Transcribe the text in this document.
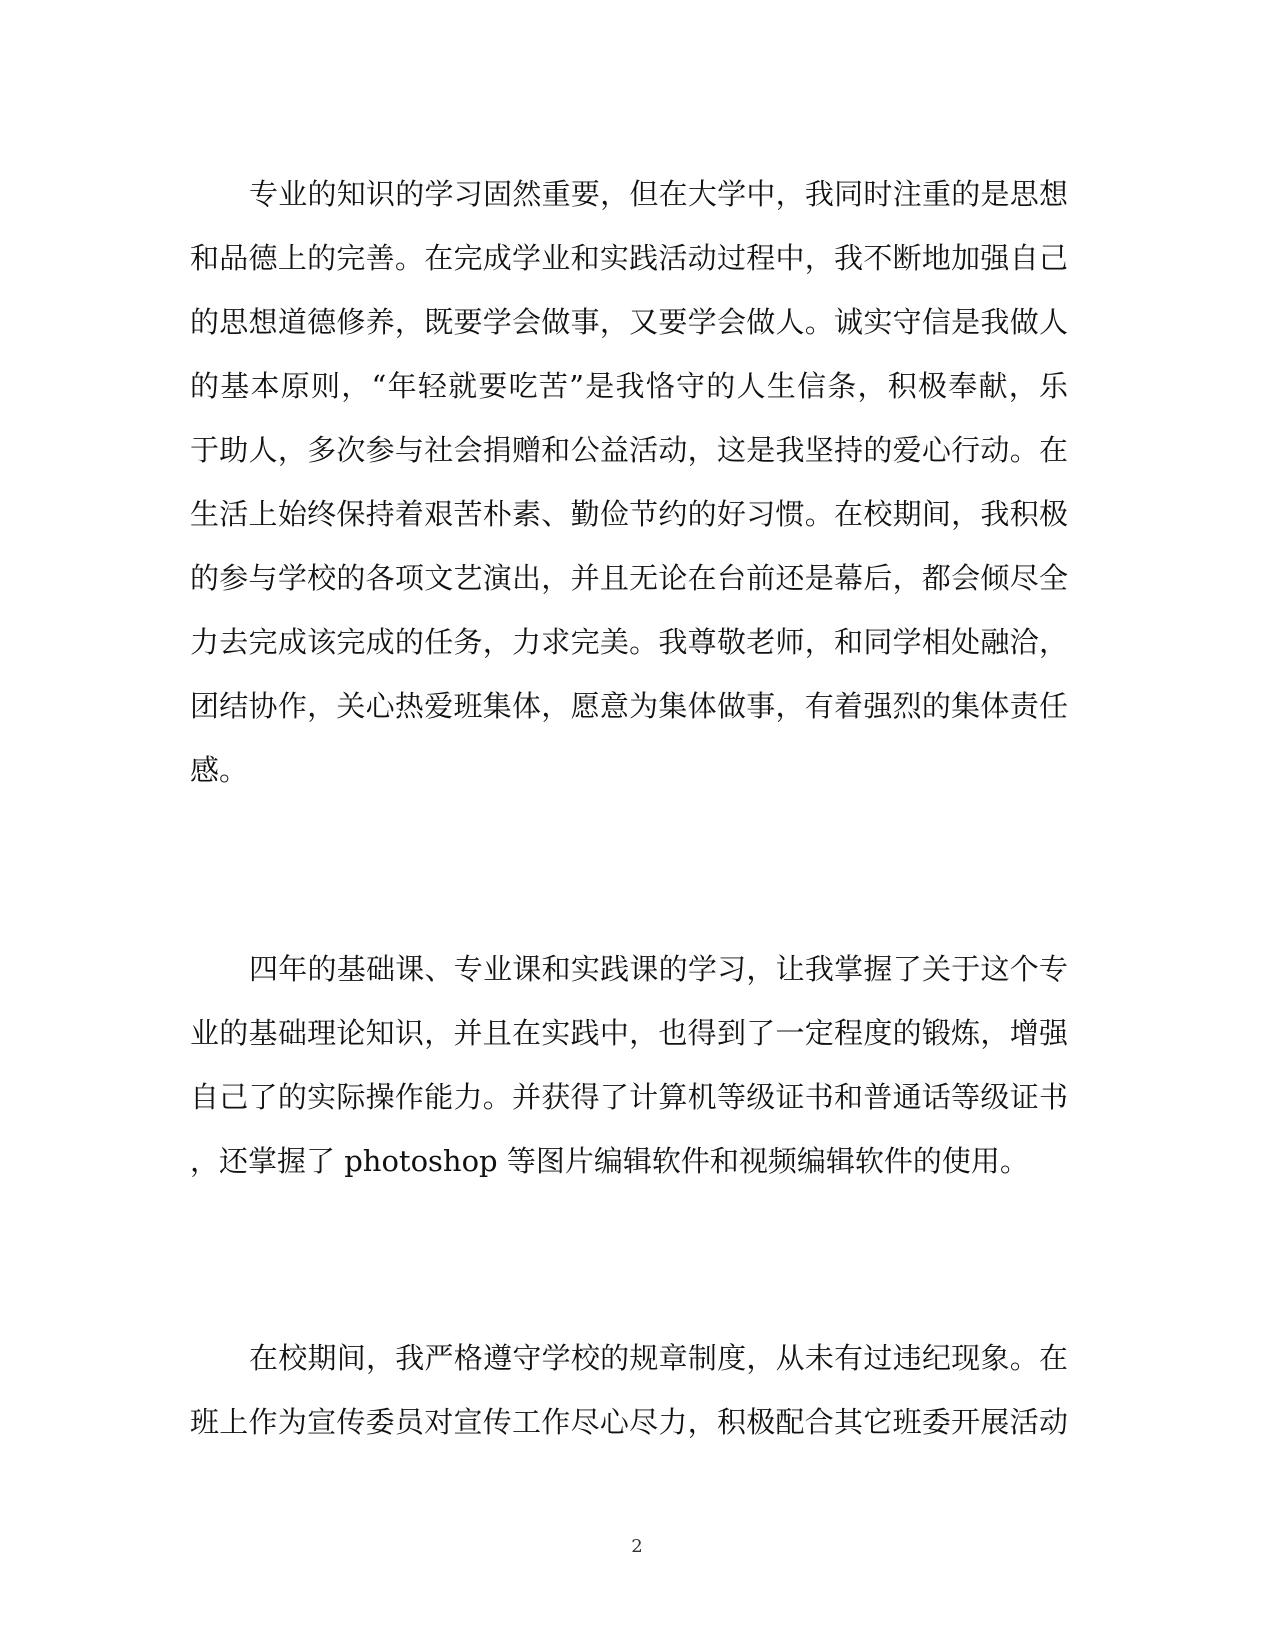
专业的知识的学习固然重要，但在大学中，我同时注重的是思想
和品德上的完善。在完成学业和实践活动过程中，我不断地加强自己
的思想道德修养，既要学会做事，又要学会做人。诚实守信是我做人
的基本原则，“年轻就要吃苦”是我恪守的人生信条，积极奉献，乐
于助人，多次参与社会捐赠和公益活动，这是我坚持的爱心行动。在
生活上始终保持着艰苦朴素、勤俭节约的好习惯。在校期间，我积极
的参与学校的各项文艺演出，并且无论在台前还是幕后，都会倾尽全
力去完成该完成的任务，力求完美。我尊敬老师，和同学相处融洽，
团结协作，关心热爱班集体，愿意为集体做事，有着强烈的集体责任
感。
四年的基础课、专业课和实践课的学习，让我掌握了关于这个专
业的基础理论知识，并且在实践中，也得到了一定程度的锻炼，增强
自己了的实际操作能力。并获得了计算机等级证书和普通话等级证书
，还掌握了 photoshop 等图片编辑软件和视频编辑软件的使用。
在校期间，我严格遵守学校的规章制度，从未有过违纪现象。在
班上作为宣传委员对宣传工作尽心尽力，积极配合其它班委开展活动
2
